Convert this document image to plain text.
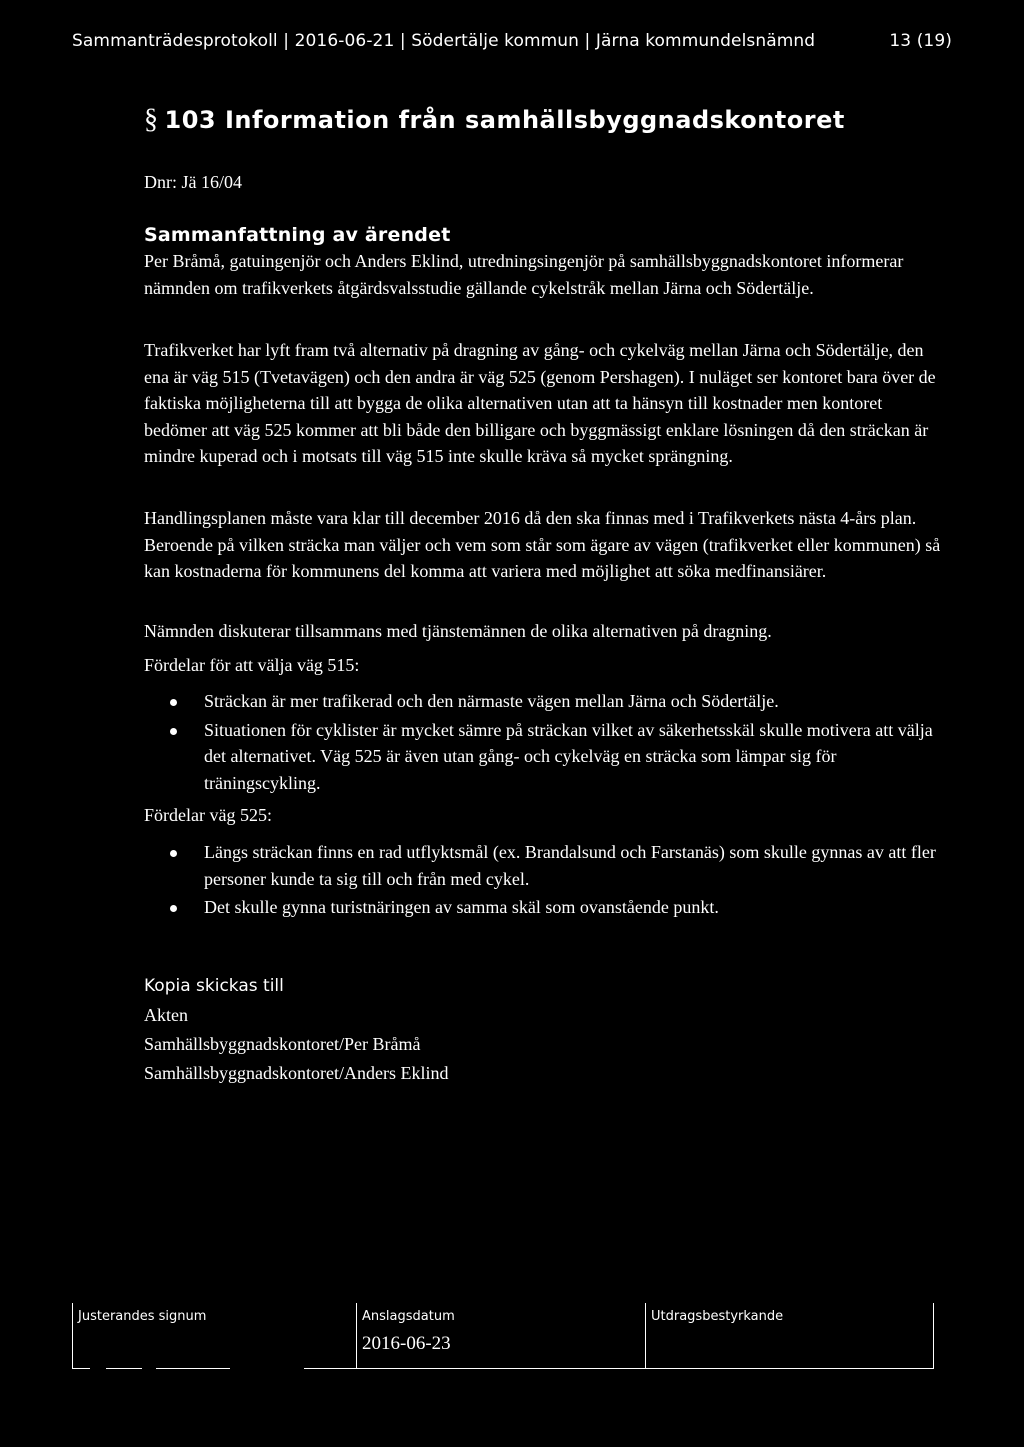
Sammanträdesprotokoll | 2016-06-21 | Södertälje kommun | Järna kommundelsnämnd	13 (19)
§ 103 Information från samhällsbyggnadskontoret
Dnr: Jä 16/04
Sammanfattning av ärendet
Per Bråmå, gatuingenjör och Anders Eklind, utredningsingenjör på samhällsbyggnadskontoret informerar nämnden om trafikverkets åtgärdsvalsstudie gällande cykelstråk mellan Järna och Södertälje.
Trafikverket har lyft fram två alternativ på dragning av gång- och cykelväg mellan Järna och Södertälje, den ena är väg 515 (Tvetavägen) och den andra är väg 525 (genom Pershagen). I nuläget ser kontoret bara över de faktiska möjligheterna till att bygga de olika alternativen utan att ta hänsyn till kostnader men kontoret bedömer att väg 525 kommer att bli både den billigare och byggmässigt enklare lösningen då den sträckan är mindre kuperad och i motsats till väg 515 inte skulle kräva så mycket sprängning.
Handlingsplanen måste vara klar till december 2016 då den ska finnas med i Trafikverkets nästa 4-års plan. Beroende på vilken sträcka man väljer och vem som står som ägare av vägen (trafikverket eller kommunen) så kan kostnaderna för kommunens del komma att variera med möjlighet att söka medfinansiärer.
Nämnden diskuterar tillsammans med tjänstemännen de olika alternativen på dragning.
Fördelar för att välja väg 515:
Sträckan är mer trafikerad och den närmaste vägen mellan Järna och Södertälje.
Situationen för cyklister är mycket sämre på sträckan vilket av säkerhetsskäl skulle motivera att välja det alternativet. Väg 525 är även utan gång- och cykelväg en sträcka som lämpar sig för träningscykling.
Fördelar väg 525:
Längs sträckan finns en rad utflyktsmål (ex. Brandalsund och Farstanäs) som skulle gynnas av att fler personer kunde ta sig till och från med cykel.
Det skulle gynna turistnäringen av samma skäl som ovanstående punkt.
Kopia skickas till
Akten
Samhällsbyggnadskontoret/Per Bråmå
Samhällsbyggnadskontoret/Anders Eklind
Justerandes signum	Anslagsdatum
2016-06-23
Utdragsbestyrkande
